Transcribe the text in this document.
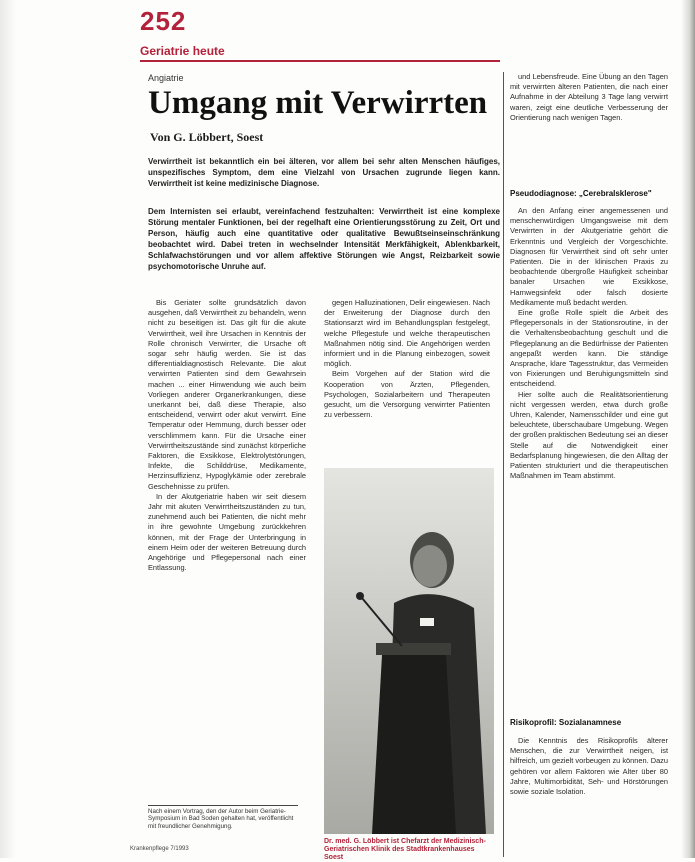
252
Geriatrie heute
Angiatrie
Umgang mit Verwirrten
Von G. Löbbert, Soest
Verwirrtheit ist bekanntlich ein bei älteren, vor allem bei sehr alten Menschen häufiges, unspezifisches Symptom, dem eine Vielzahl von Ursachen zugrunde liegen kann. Verwirrtheit ist keine medizinische Diagnose.
Dem Internisten sei erlaubt, vereinfachend festzuhalten: Verwirrtheit ist eine komplexe Störung mentaler Funktionen, bei der regelhaft eine Orientierungsstörung zu Zeit, Ort und Person, häufig auch eine quantitative oder qualitative Bewußtseinseinschränkung beobachtet wird. Dabei treten in wechselnder Intensität Merkfähigkeit, Ablenkbarkeit, Schlafwachstörungen und vor allem affektive Störungen wie Angst, Reizbarkeit sowie psychomotorische Unruhe auf.

Bis Geriater sollte grundsätzlich davon ausgehen, daß Verwirrtheit zu behandeln, wenn nicht zu beseitigen ist. Das gilt für die akute Verwirrtheit, weil ihre Ursachen in Kenntnis der Rolle chronisch Verwirrter, die Ursache oft sogar sehr häufig werden. Sie ist das differentialdiagnostisch Relevante. Die akut verwirrten Patienten sind dem Gewahrsein machen ... einer Hinwendung wie auch beim Vorliegen anderer Organerkrankungen, diese unerkannt bei, daß diese Therapie, also entscheidend, verwirrt oder akut verwirrt. Eine Temperatur oder Hemmung, durch besser oder verschlimmern kann. Für die Ursache einer Verwirrtheitszustände sind zunächst körperliche Faktoren, die Exsikkose, Elektrolytstörungen, Infekte, die Schilddrüse, Medikamente, Herzinsuffizienz, Hypoglykämie oder zerebrale Geschehnisse zu prüfen.

In der Akutgeriatrie haben wir seit diesem Jahr mit akuten Verwirrtheitszuständen zu tun, zunehmend auch bei Patienten, die nicht mehr in ihre gewohnte Umgebung zurückkehren können, mit der Frage der Unterbringung in einem Heim oder der weiteren Betreuung durch Angehörige und Pflegepersonal nach einer Entlassung.

gegen Halluzinationen, Delir eingewiesen. Nach der Erweiterung der Diagnose durch den Stationsarzt wird im Behandlungsplan festgelegt, welche Pflegestufe und welche therapeutischen Maßnahmen nötig sind. Die Angehörigen werden informiert und in die Planung einbezogen, soweit möglich.

Beim Vorgehen auf der Station wird die Kooperation von Ärzten, Pflegenden, Psychologen, Sozialarbeitern und Therapeuten gesucht, um die Versorgung verwirrter Patienten zu verbessern.

Dr. med. G. Löbbert ist Chefarzt der Medizinisch-Geriatrischen Klinik des Stadtkrankenhauses Soest
Nach einem Vortrag, den der Autor beim Geriatrie-Symposium in Bad Soden gehalten hat, veröffentlicht mit freundlicher Genehmigung.

und Lebensfreude. Eine Übung an den Tagen mit verwirrten älteren Patienten, die nach einer Aufnahme in der Abteilung 3 Tage lang verwirrt waren, zeigt eine deutliche Verbesserung der Orientierung nach wenigen Tagen.

Pseudodiagnose: „Cerebralsklerose"

An den Anfang einer angemessenen und menschenwürdigen Umgangsweise mit dem Verwirrten in der Akutgeriatrie gehört die Erkenntnis und Vergleich der Vorgeschichte. Diagnosen für Verwirrtheit sind oft sehr unter Patienten. Die in der klinischen Praxis zu beobachtende übergroße Häufigkeit scheinbar banaler Ursachen wie Exsikkose, Harnwegsinfekt oder falsch dosierte Medikamente muß bedacht werden.

Eine große Rolle spielt die Arbeit des Pflegepersonals in der Stationsroutine, in der die Verhaltensbeobachtung geschult und die Pflegeplanung an die Bedürfnisse der Patienten angepaßt werden kann. Die ständige Ansprache, klare Tagesstruktur, das Vermeiden von Fixierungen und Beruhigungsmitteln sind entscheidend.

Hier sollte auch die Realitätsorientierung nicht vergessen werden, etwa durch große Uhren, Kalender, Namensschilder und eine gut beleuchtete, überschaubare Umgebung. Wegen der großen praktischen Bedeutung sei an dieser Stelle auf die Notwendigkeit einer Bedarfsplanung hingewiesen, die den Alltag der Patienten strukturiert und die therapeutischen Maßnahmen im Team abstimmt.

Risikoprofil: Sozialanamnese

Die Kenntnis des Risikoprofils älterer Menschen, die zur Verwirrtheit neigen, ist hilfreich, um gezielt vorbeugen zu können. Dazu gehören vor allem Faktoren wie Alter über 80 Jahre, Multimorbidität, Seh- und Hörstörungen sowie soziale Isolation.

Krankenpflege 7/1993
